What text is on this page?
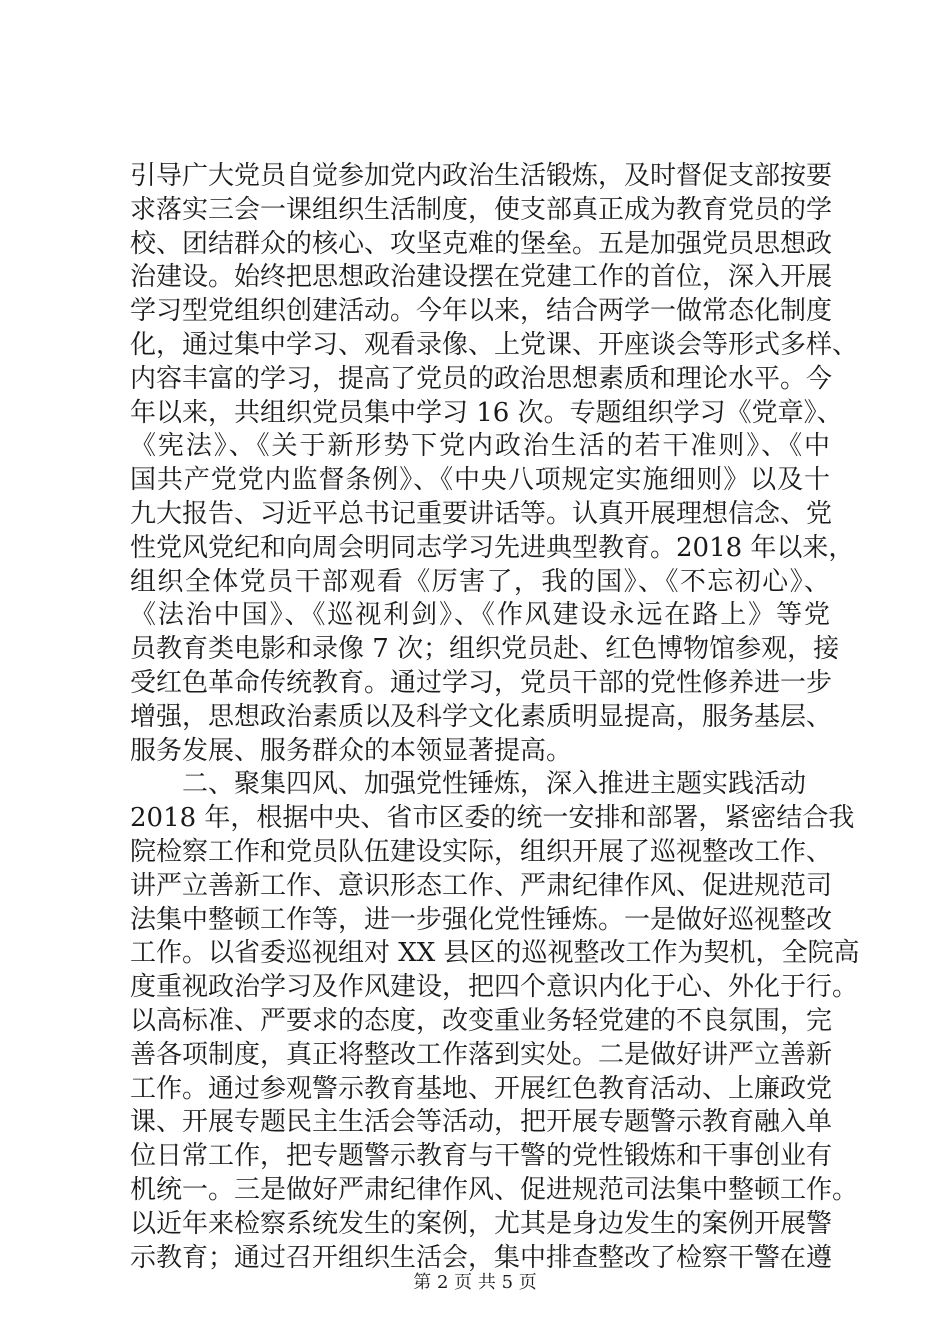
引导广大党员自觉参加党内政治生活锻炼，及时督促支部按要
求落实三会一课组织生活制度，使支部真正成为教育党员的学
校、团结群众的核心、攻坚克难的堡垒。五是加强党员思想政
治建设。始终把思想政治建设摆在党建工作的首位，深入开展
学习型党组织创建活动。今年以来，结合两学一做常态化制度
化，通过集中学习、观看录像、上党课、开座谈会等形式多样、
内容丰富的学习，提高了党员的政治思想素质和理论水平。今
年以来，共组织党员集中学习 16 次。专题组织学习《党章》、
《宪法》、《关于新形势下党内政治生活的若干准则》、《中
国共产党党内监督条例》、《中央八项规定实施细则》以及十
九大报告、习近平总书记重要讲话等。认真开展理想信念、党
性党风党纪和向周会明同志学习先进典型教育。2018 年以来，
组织全体党员干部观看《厉害了，我的国》、《不忘初心》、
《法治中国》、《巡视利剑》、《作风建设永远在路上》等党
员教育类电影和录像 7 次；组织党员赴、红色博物馆参观，接
受红色革命传统教育。通过学习，党员干部的党性修养进一步
增强，思想政治素质以及科学文化素质明显提高，服务基层、
服务发展、服务群众的本领显著提高。
二、聚集四风、加强党性锤炼，深入推进主题实践活动
2018 年，根据中央、省市区委的统一安排和部署，紧密结合我
院检察工作和党员队伍建设实际，组织开展了巡视整改工作、
讲严立善新工作、意识形态工作、严肃纪律作风、促进规范司
法集中整顿工作等，进一步强化党性锤炼。一是做好巡视整改
工作。以省委巡视组对 XX 县区的巡视整改工作为契机，全院高
度重视政治学习及作风建设，把四个意识内化于心、外化于行。
以高标准、严要求的态度，改变重业务轻党建的不良氛围，完
善各项制度，真正将整改工作落到实处。二是做好讲严立善新
工作。通过参观警示教育基地、开展红色教育活动、上廉政党
课、开展专题民主生活会等活动，把开展专题警示教育融入单
位日常工作，把专题警示教育与干警的党性锻炼和干事创业有
机统一。三是做好严肃纪律作风、促进规范司法集中整顿工作。
以近年来检察系统发生的案例，尤其是身边发生的案例开展警
示教育；通过召开组织生活会，集中排查整改了检察干警在遵
第 2 页 共 5 页
